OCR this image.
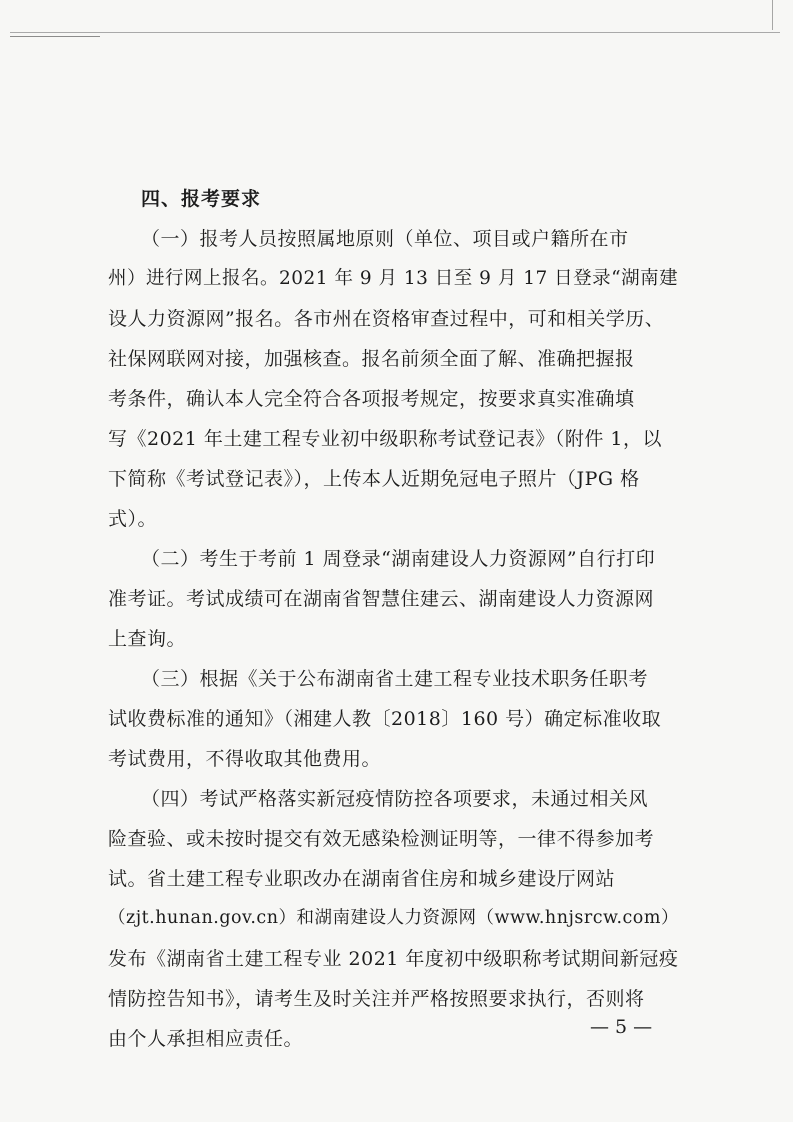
四、报考要求
（一）报考人员按照属地原则（单位、项目或户籍所在市
州）进行网上报名。2021 年 9 月 13 日至 9 月 17 日登录“湖南建
设人力资源网”报名。各市州在资格审查过程中，可和相关学历、
社保网联网对接，加强核查。报名前须全面了解、准确把握报
考条件，确认本人完全符合各项报考规定，按要求真实准确填
写《2021 年土建工程专业初中级职称考试登记表》（附件 1，以
下简称《考试登记表》），上传本人近期免冠电子照片（JPG 格
式）。
（二）考生于考前 1 周登录“湖南建设人力资源网”自行打印
准考证。考试成绩可在湖南省智慧住建云、湖南建设人力资源网
上查询。
（三）根据《关于公布湖南省土建工程专业技术职务任职考
试收费标准的通知》（湘建人教〔2018〕160 号）确定标准收取
考试费用，不得收取其他费用。
（四）考试严格落实新冠疫情防控各项要求，未通过相关风
险查验、或未按时提交有效无感染检测证明等，一律不得参加考
试。省土建工程专业职改办在湖南省住房和城乡建设厅网站
（zjt.hunan.gov.cn）和湖南建设人力资源网（www.hnjsrcw.com）
发布《湖南省土建工程专业 2021 年度初中级职称考试期间新冠疫
情防控告知书》，请考生及时关注并严格按照要求执行，否则将
由个人承担相应责任。
— 5 —
